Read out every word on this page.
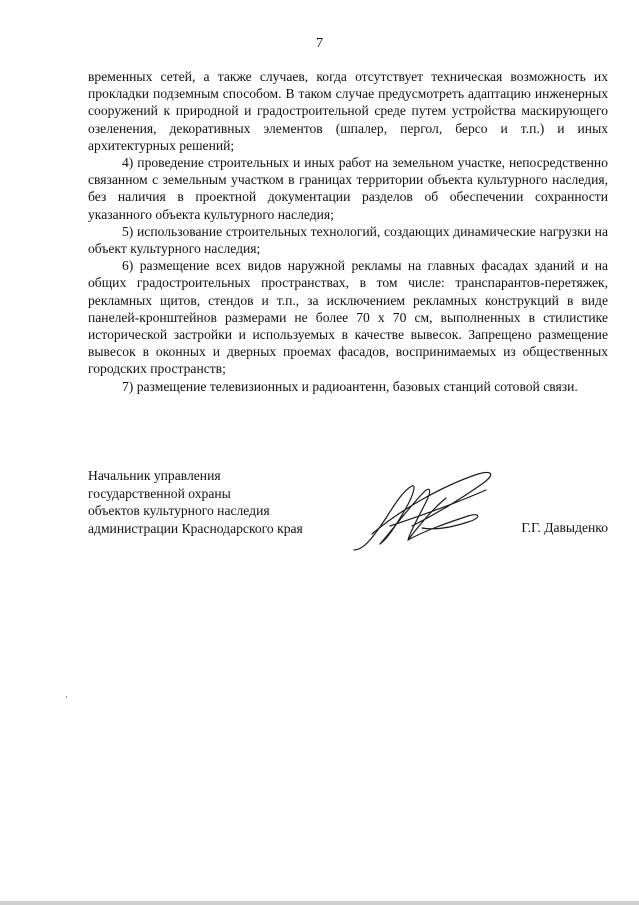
7

временных сетей, а также случаев, когда отсутствует техническая возможность их прокладки подземным способом. В таком случае предусмотреть адаптацию инженерных сооружений к природной и градостроительной среде путем устройства маскирующего озеленения, декоративных элементов (шпалер, пергол, берсо и т.п.) и иных архитектурных решений;

4) проведение строительных и иных работ на земельном участке, непосредственно связанном с земельным участком в границах территории объекта культурного наследия, без наличия в проектной документации разделов об обеспечении сохранности указанного объекта культурного наследия;

5) использование строительных технологий, создающих динамические нагрузки на объект культурного наследия;

6) размещение всех видов наружной рекламы на главных фасадах зданий и на общих градостроительных пространствах, в том числе: транспарантов-перетяжек, рекламных щитов, стендов и т.п., за исключением рекламных конструкций в виде панелей-кронштейнов размерами не более 70 х 70 см, выполненных в стилистике исторической застройки и используемых в качестве вывесок. Запрещено размещение вывесок в оконных и дверных проемах фасадов, воспринимаемых из общественных городских пространств;

7) размещение телевизионных и радиоантенн, базовых станций сотовой связи.

Начальник управления
государственной охраны
объектов культурного наследия
администрации Краснодарского края	Г.Г. Давыденко
